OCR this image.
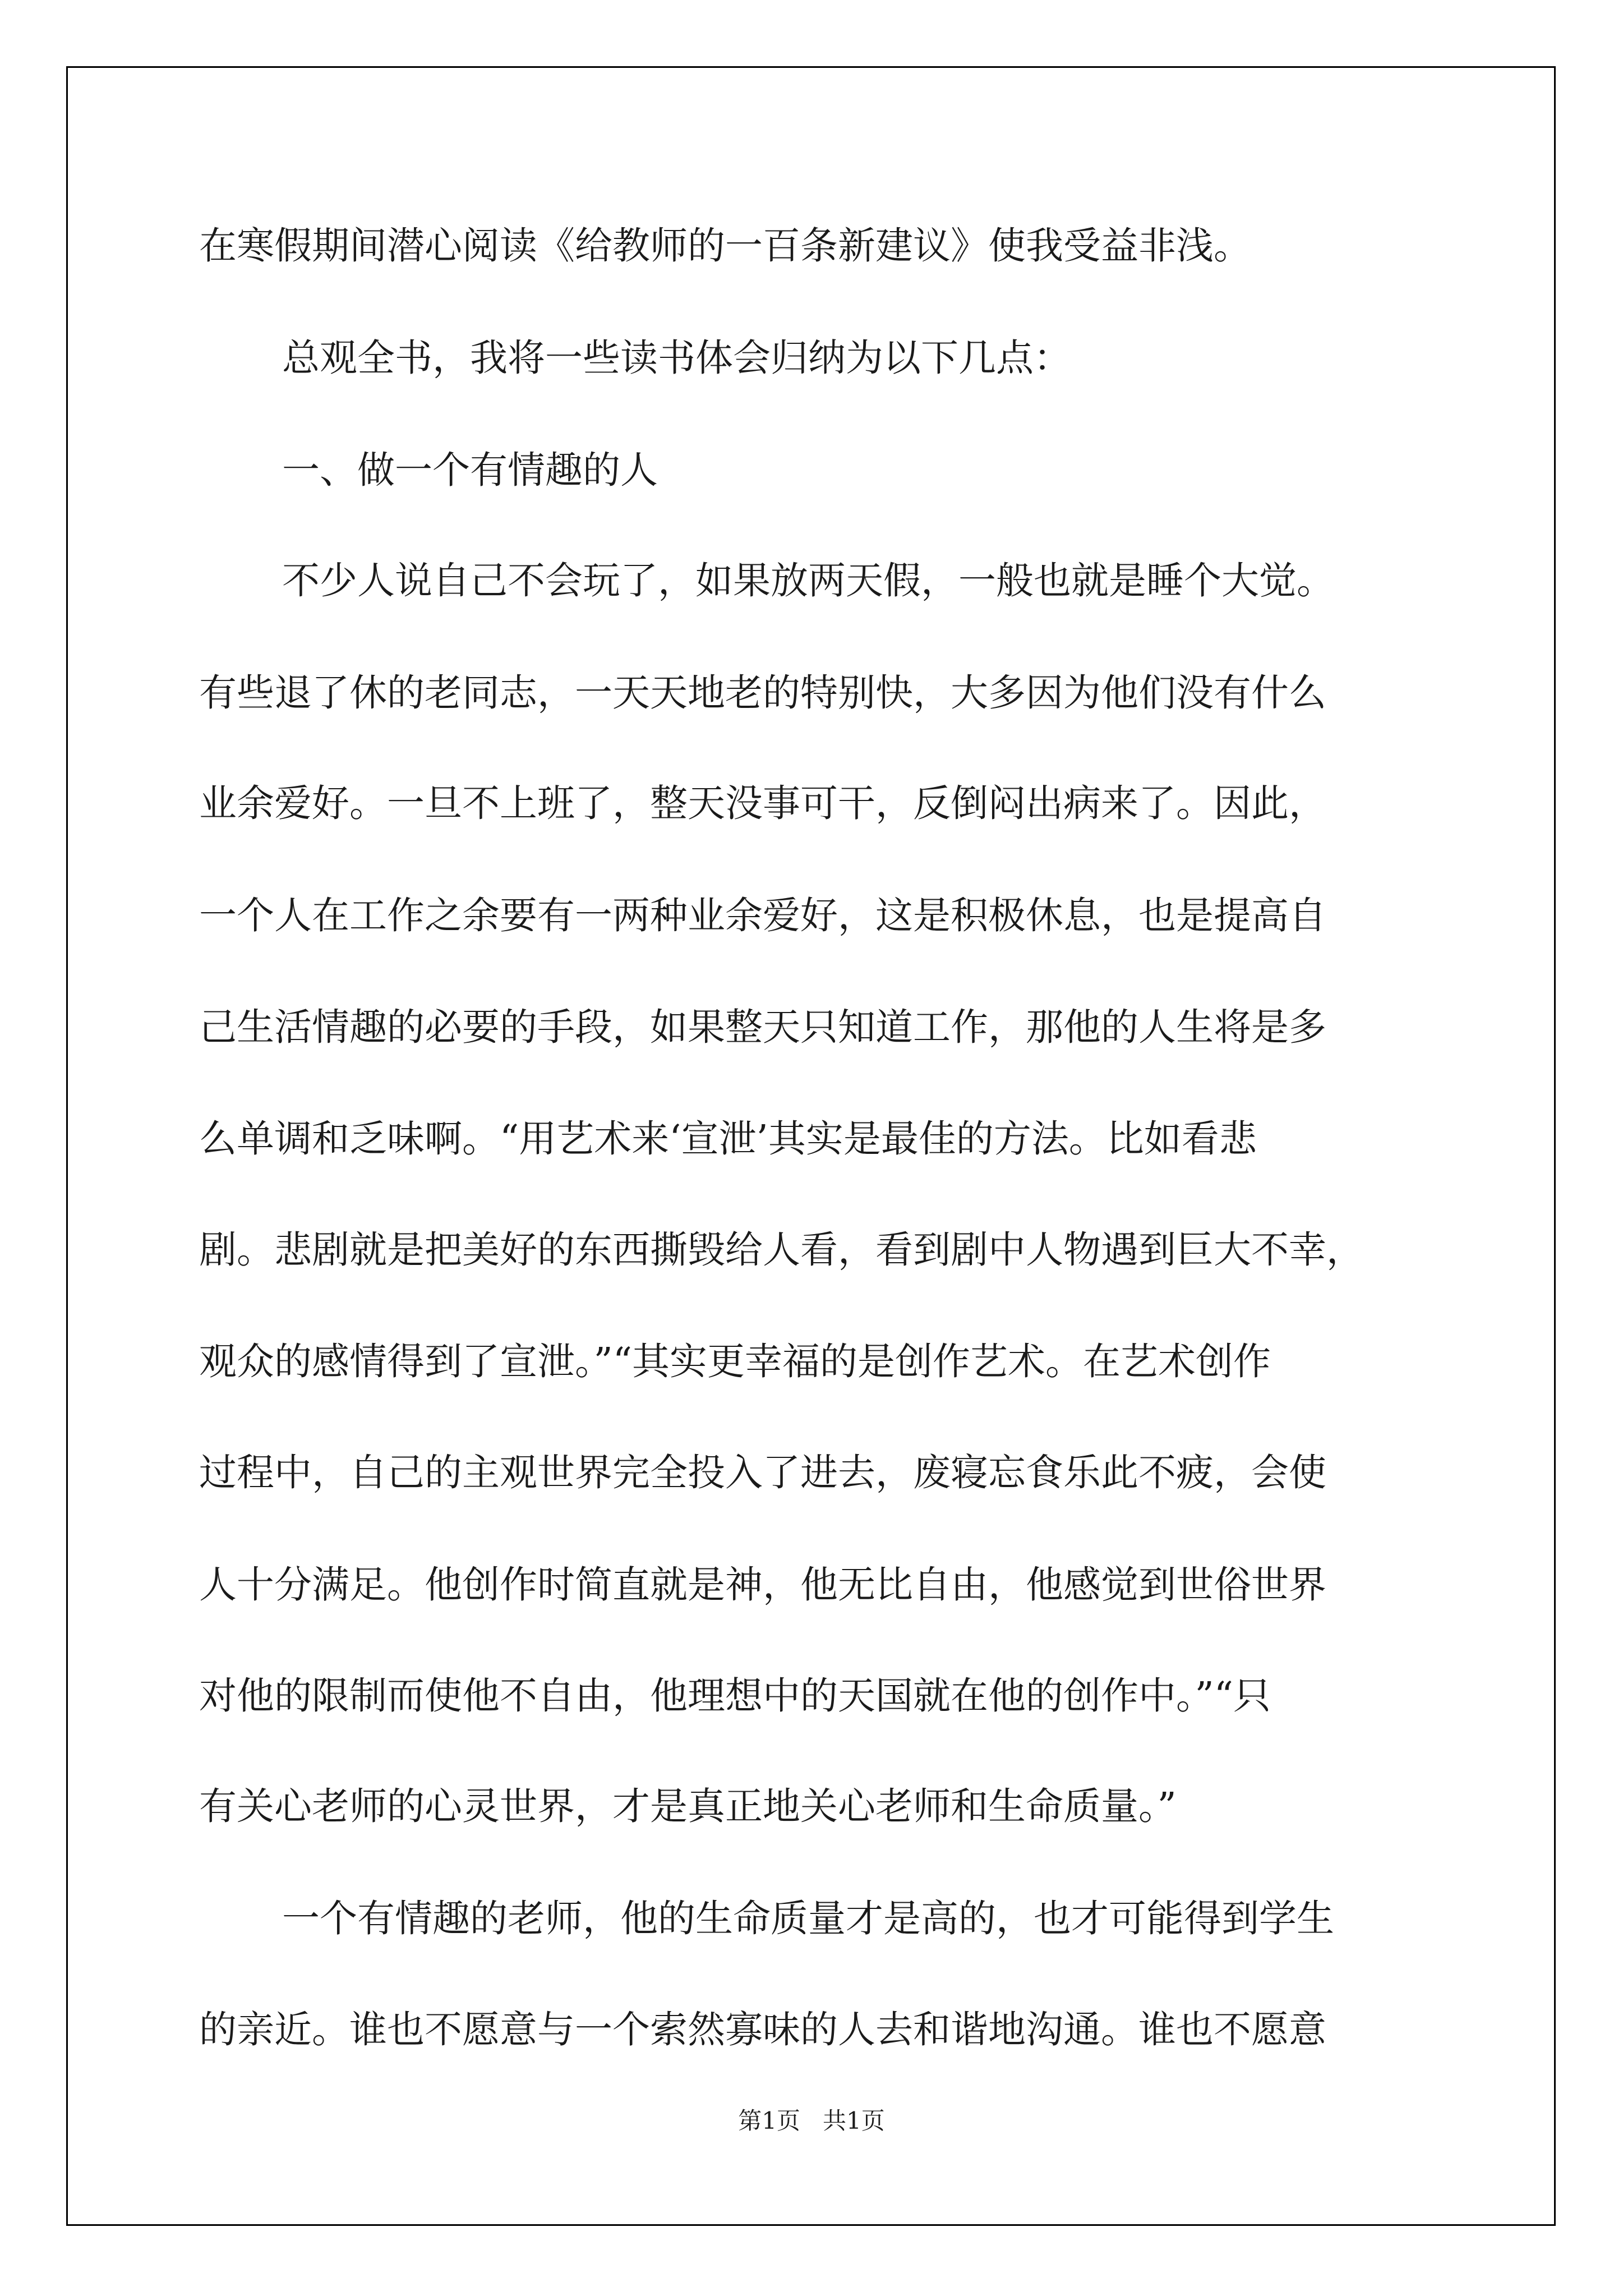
在寒假期间潜心阅读《给教师的一百条新建议》使我受益非浅。
总观全书，我将一些读书体会归纳为以下几点：
一、做一个有情趣的人
不少人说自己不会玩了，如果放两天假，一般也就是睡个大觉。
有些退了休的老同志，一天天地老的特别快，大多因为他们没有什么
业余爱好。一旦不上班了，整天没事可干，反倒闷出病来了。因此，
一个人在工作之余要有一两种业余爱好，这是积极休息，也是提高自
己生活情趣的必要的手段，如果整天只知道工作，那他的人生将是多
么单调和乏味啊。“用艺术来‘宣泄’其实是最佳的方法。比如看悲
剧。悲剧就是把美好的东西撕毁给人看，看到剧中人物遇到巨大不幸，
观众的感情得到了宣泄。”“其实更幸福的是创作艺术。在艺术创作
过程中，自己的主观世界完全投入了进去，废寝忘食乐此不疲，会使
人十分满足。他创作时简直就是神，他无比自由，他感觉到世俗世界
对他的限制而使他不自由，他理想中的天国就在他的创作中。”“只
有关心老师的心灵世界，才是真正地关心老师和生命质量。”
一个有情趣的老师，他的生命质量才是高的，也才可能得到学生
的亲近。谁也不愿意与一个索然寡味的人去和谐地沟通。谁也不愿意
第1页 共1页
